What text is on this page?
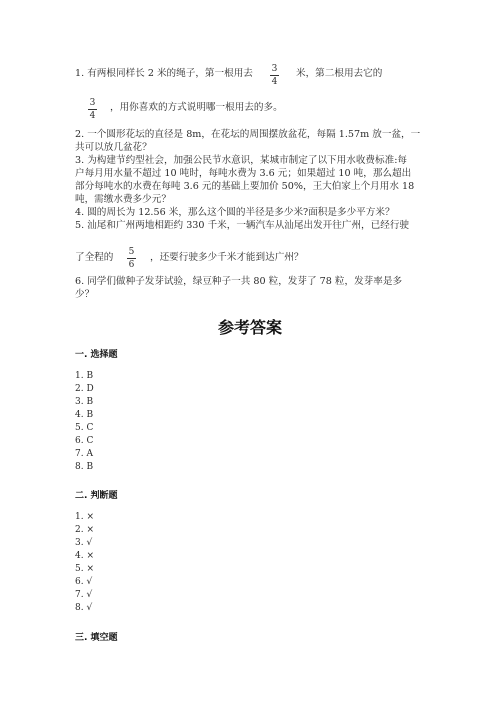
1. 有两根同样长 2 米的绳子，第一根用去 3
4
米，第二根用去它的
3
4
，用你喜欢的方式说明哪一根用去的多。
2. 一个圆形花坛的直径是 8m，在花坛的周围摆放盆花，每隔 1.57m 放一盆，一
共可以放几盆花？
3. 为构建节约型社会，加强公民节水意识，某城市制定了以下用水收费标准:每
户每月用水量不超过 10 吨时，每吨水费为 3.6 元；如果超过 10 吨，那么超出
部分每吨水的水费在每吨 3.6 元的基础上要加价 50%，王大伯家上个月用水 18
吨，需缴水费多少元？
4. 圆的周长为 12.56 米，那么这个圆的半径是多少米?面积是多少平方米？
5. 汕尾和广州两地相距约 330 千米，一辆汽车从汕尾出发开往广州，已经行驶
了全程的 5
6
，还要行驶多少千米才能到达广州？
6. 同学们做种子发芽试验，绿豆种子一共 80 粒，发芽了 78 粒，发芽率是多
少？
参考答案
一. 选择题
1. B
2. D
3. B
4. B
5. C
6. C
7. A
8. B
二. 判断题
1. ×
2. ×
3. √
4. ×
5. ×
6. √
7. √
8. √
三. 填空题
